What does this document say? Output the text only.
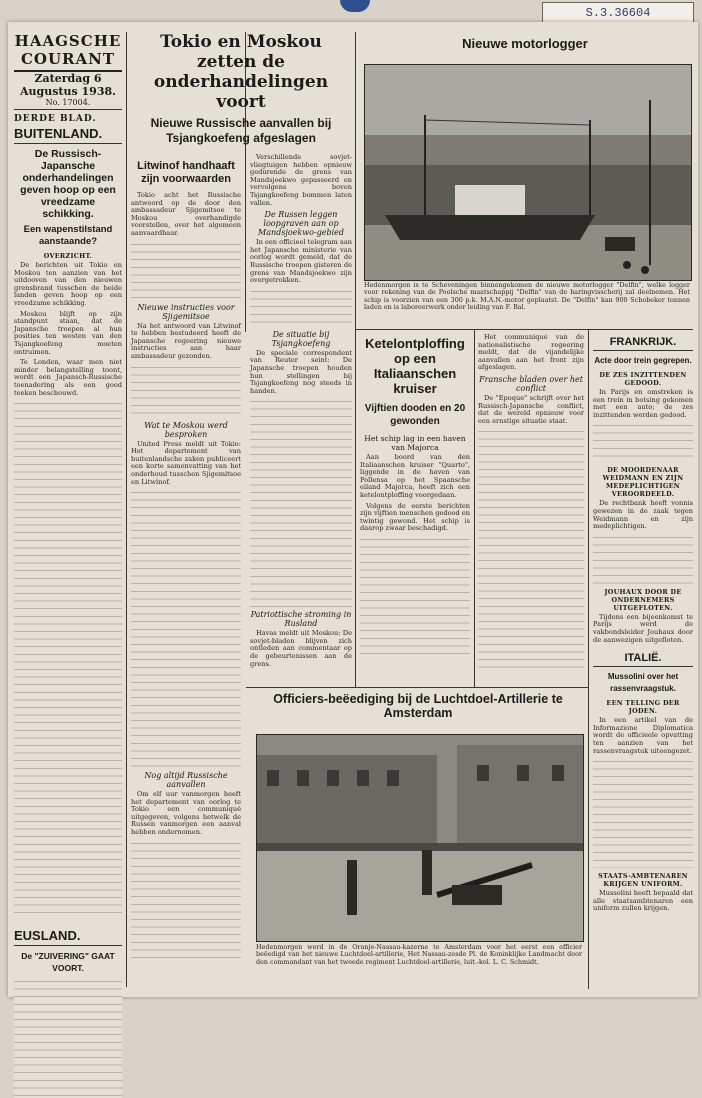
S.3.36604
HAAGSCHE COURANT
Zaterdag 6 Augustus 1938.
No. 17004.
DERDE BLAD.
BUITENLAND.
De Russisch-Japansche onderhandelingen geven hoop op een vreedzame schikking.
Een wapenstilstand aanstaande?
OVERZICHT.

De berichten uit Tokio en Moskou ten aanzien van het uitdooven van den nieuwen grensbrand tusschen de beide landen geven hoop op een vreedzame schikking.

Moskou blijft op zijn standpunt staan, dat de Japansche troepen al hun posities ten westen van den Tsjangkoefeng moeten ontruimen.

Te Londen, waar men niet minder belangstelling toont, wordt een Japansch-Russische toenadering als een goed teeken beschouwd.

EUSLAND.
De "ZUIVERING" GAAT VOORT.
Tokio en Moskou zetten de onderhandelingen voort
Nieuwe Russische aanvallen bij Tsjangkoefeng afgeslagen
Litwinof handhaaft zijn voorwaarden

Tokio acht het Russische antwoord op de door den ambassadeur Sjigemitsoe te Moskou overhandigde voorstellen, over het algemeen aanvaardbaar.

Nieuwe instructies voor Sjigemitsoe

Na het antwoord van Litwinof te hebben bestudeerd heeft de Japansche regeering nieuwe instructies aan haar ambassadeur gezonden.

Wat te Moskou werd besproken

United Press meldt uit Tokio: Het departement van buitenlandsche zaken publiceert een korte samenvatting van het onderhoud tusschen Sjigemitsoe en Litwinof.

Nog altijd Russische aanvallen

Om elf uur vanmorgen heeft het departement van oorlog te Tokio een communiqué uitgegeven, volgens hetwelk de Russen vanmorgen een aanval hebben ondernomen.

Verschillende sovjet-vliegtuigen hebben opnieuw gedurende de grens van Mandsjoekwo gepasseerd en vervolgens boven Tsjangkoefeng bommen laten vallen.

De Russen leggen loopgraven aan op Mandsjoekwo-gebied

In een officieel telegram aan het Japansche ministerie van oorlog wordt gemeld, dat de Russische troepen gisteren de grens van Mandsjoekwo zijn overgetrokken.

De situatie bij Tsjangkoefeng

De speciale correspondent van Reuter seint: De Japansche troepen houden hun stellingen bij Tsjangkoefeng nog steeds in handen.

Patriottische stroming in Rusland

Havas meldt uit Moskou: De sovjet-bladen blijven zich ontleden aan commentaar op de gebeurtenissen aan de grens.

Nieuwe motorlogger
Hedenmorgen is te Scheveningen binnengekomen de nieuwe motorlogger "Delfin", welke logger voor rekening van de Poolsche maatschappij "Delfin" van de haringvisscherij zal deelnemen. Het schip is voorzien van een 300 p.k. M.A.N.-motor geplaatst. De "Delfin" kan 900 Schobeker tonnen laden en is laboreerwerk onder leiding van F. Bal.
Ketelontploffing op een Italiaanschen kruiser
Vijftien dooden en 20 gewonden
Het schip lag in een haven van Majorca

Aan boord van den Italiaanschen kruiser "Quarto", liggende in de haven van Pollensa op het Spaansche eiland Majorca, heeft zich een ketelontploffing voorgedaan.

Volgens de eerste berichten zijn vijftien menschen gedood en twintig gewond. Het schip is daarop zwaar beschadigd.

Het communiqué van de nationalistische regeering meldt, dat de vijandelijke aanvallen aan het front zijn afgeslagen.

Fransche bladen over het conflict

De "Epoque" schrijft over het Russisch-Japansche conflict, dat de wereld opnieuw voor een ernstige situatie staat.

Officiers-beëediging bij de Luchtdoel-Artillerie te Amsterdam
Hedenmorgen werd in de Oranje-Nassau-kazerne te Amsterdam voor het eerst een officier beëedigd van het nieuwe Luchtdoel-artillerie, Het Nassau-zesde Pl. de Koninklijke Landmacht door den commandant van het tweede regiment Luchtdoel-artillerie, luit.-kol. L. C. Schmidt.
FRANKRIJK.
Acte door trein gegrepen.
DE ZES INZITTENDEN GEDOOD.

In Parijs en omstreken is een trein in botsing gekomen met een auto; de zes inzittenden werden gedood.

DE MOORDENAAR WEIDMANN EN ZIJN MEDEPLICHTIGEN VEROORDEELD.

De rechtbank heeft vonnis gewezen in de zaak tegen Weidmann en zijn medeplichtigen.

JOUHAUX DOOR DE ONDERNEMERS UITGEFLOTEN.

Tijdens een bijeenkomst te Parijs werd de vakbondsleider Jouhaux door de aanwezigen uitgefloten.

ITALIË.
Mussolini over het rassenvraagstuk.
EEN TELLING DER JODEN.

In een artikel van de Informazione Diplomatica wordt de officieele opvatting ten aanzien van het rassenvraagstuk uiteengezet.

STAATS-AMBTENAREN KRIJGEN UNIFORM.

Mussolini heeft bepaald dat alle staatsambtenaren een uniform zullen krijgen.
